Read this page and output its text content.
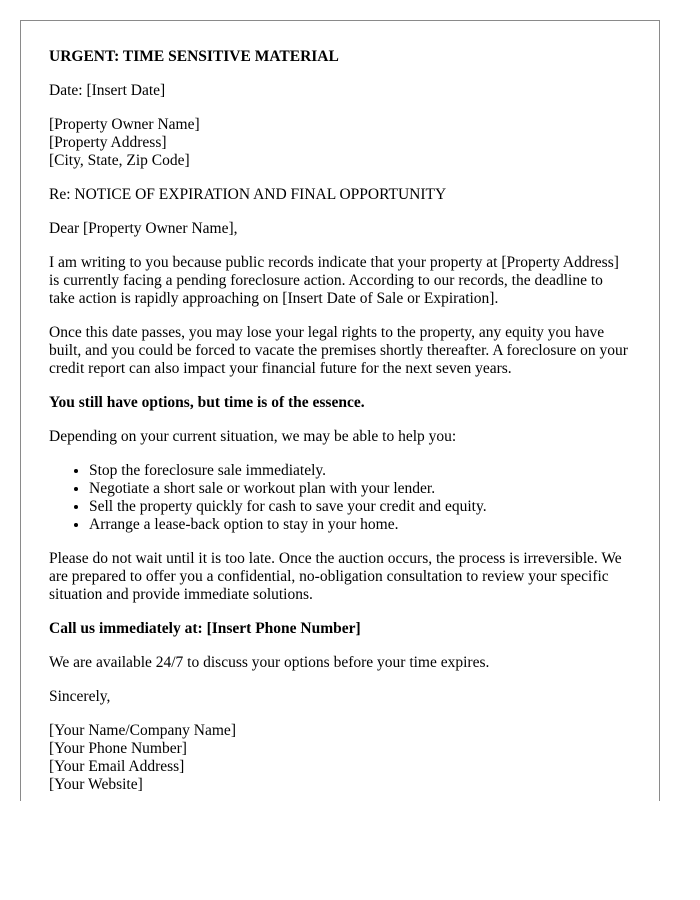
URGENT: TIME SENSITIVE MATERIAL
Date: [Insert Date]
[Property Owner Name]
[Property Address]
[City, State, Zip Code]
Re: NOTICE OF EXPIRATION AND FINAL OPPORTUNITY
Dear [Property Owner Name],
I am writing to you because public records indicate that your property at [Property Address] is currently facing a pending foreclosure action. According to our records, the deadline to take action is rapidly approaching on [Insert Date of Sale or Expiration].
Once this date passes, you may lose your legal rights to the property, any equity you have built, and you could be forced to vacate the premises shortly thereafter. A foreclosure on your credit report can also impact your financial future for the next seven years.
You still have options, but time is of the essence.
Depending on your current situation, we may be able to help you:
• Stop the foreclosure sale immediately.
• Negotiate a short sale or workout plan with your lender.
• Sell the property quickly for cash to save your credit and equity.
• Arrange a lease-back option to stay in your home.
Please do not wait until it is too late. Once the auction occurs, the process is irreversible. We are prepared to offer you a confidential, no-obligation consultation to review your specific situation and provide immediate solutions.
Call us immediately at: [Insert Phone Number]
We are available 24/7 to discuss your options before your time expires.
Sincerely,
[Your Name/Company Name]
[Your Phone Number]
[Your Email Address]
[Your Website]
